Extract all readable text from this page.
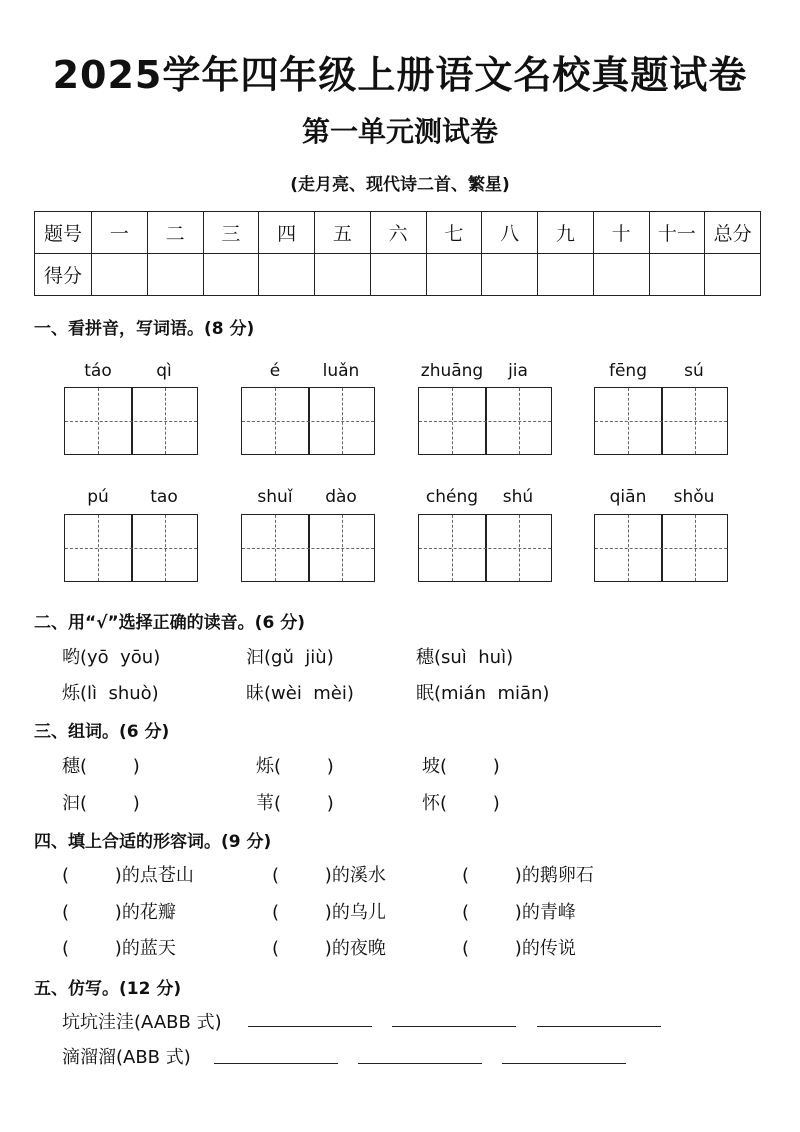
2025学年四年级上册语文名校真题试卷
第一单元测试卷
(走月亮、现代诗二首、繁星)
题号	一	二	三	四	五	六	七	八	九	十	十一	总分
得分												
一、看拼音，写词语。(8 分)
táo	qì	é	luǎn	zhuāng	jia	fēng	sú
pú	tao	shuǐ	dào	chéng	shú	qiān	shǒu
二、用“√”选择正确的读音。(6 分)
哟(yō  yōu)	汩(gǔ  jiù)	穗(suì  huì)
烁(lì  shuò)	昧(wèi  mèi)	眠(mián  miān)
三、组词。(6 分)
穗(        )	烁(        )	坡(        )
汩(        )	苇(        )	怀(        )
四、填上合适的形容词。(9 分)
(        )的点苍山	(        )的溪水	(        )的鹅卵石
(        )的花瓣	(        )的乌儿	(        )的青峰
(        )的蓝天	(        )的夜晚	(        )的传说
五、仿写。(12 分)
坑坑洼洼(AABB 式)
滴溜溜(ABB 式)
